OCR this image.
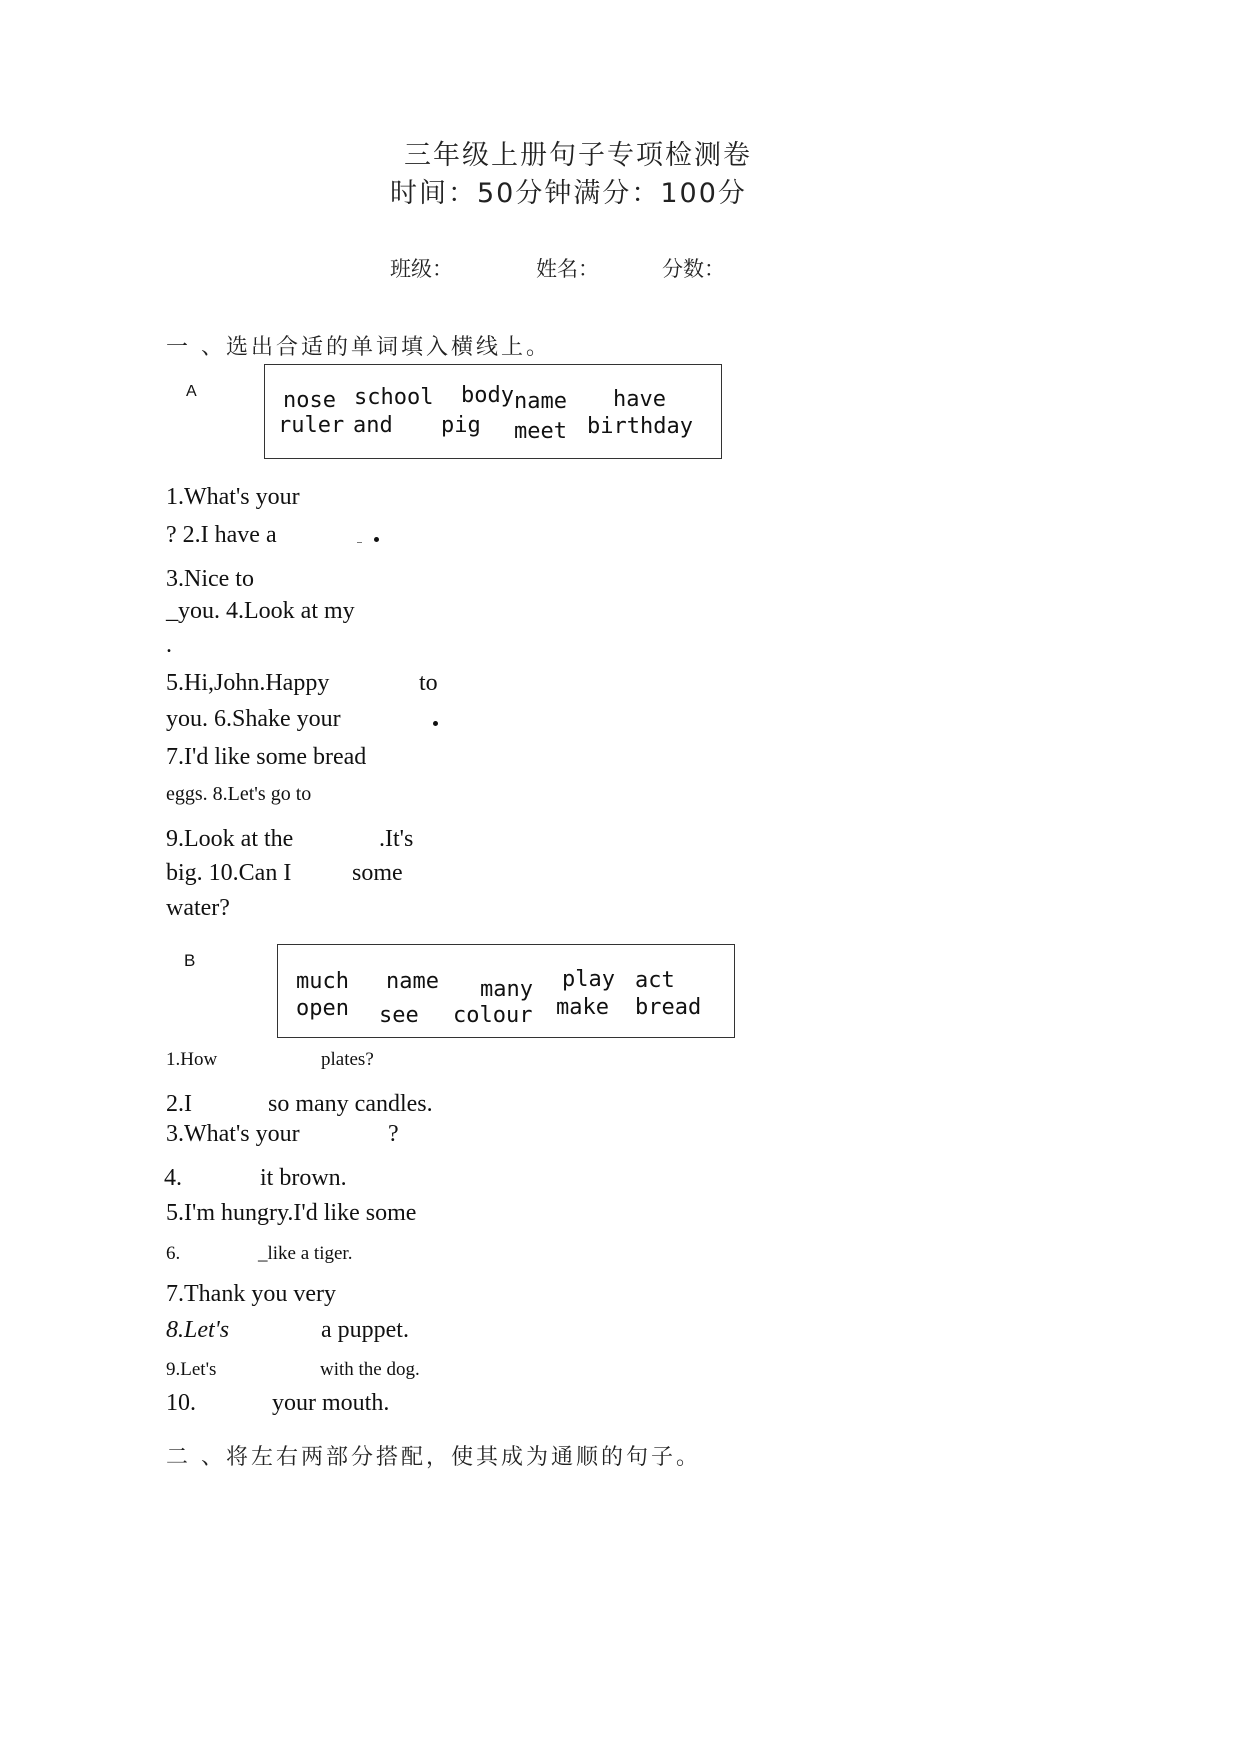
三年级上册句子专项检测卷
时间：50分钟满分：100分
班级：	姓名：	分数：
一 、选出合适的单词填入横线上。
A	nose school body name have
ruler and pig meet birthday
1.What's your
? 2.I have a
3.Nice to
_you. 4.Look at my
.
5.Hi,John.Happy	to
you. 6.Shake your
7.I'd like some bread
eggs. 8.Let's go to
9.Look at the	.It's
big. 10.Can I	some
water?
B
much name many play act
open see colour make bread
1.How	plates?
2.I	so many candles.
3.What's your	?
4.	it brown.
5.I'm hungry.I'd like some
6.	_like a tiger.
7.Thank you very
8.Let's	a puppet.
9.Let's	with the dog.
10.	your mouth.
二 、将左右两部分搭配，使其成为通顺的句子。
